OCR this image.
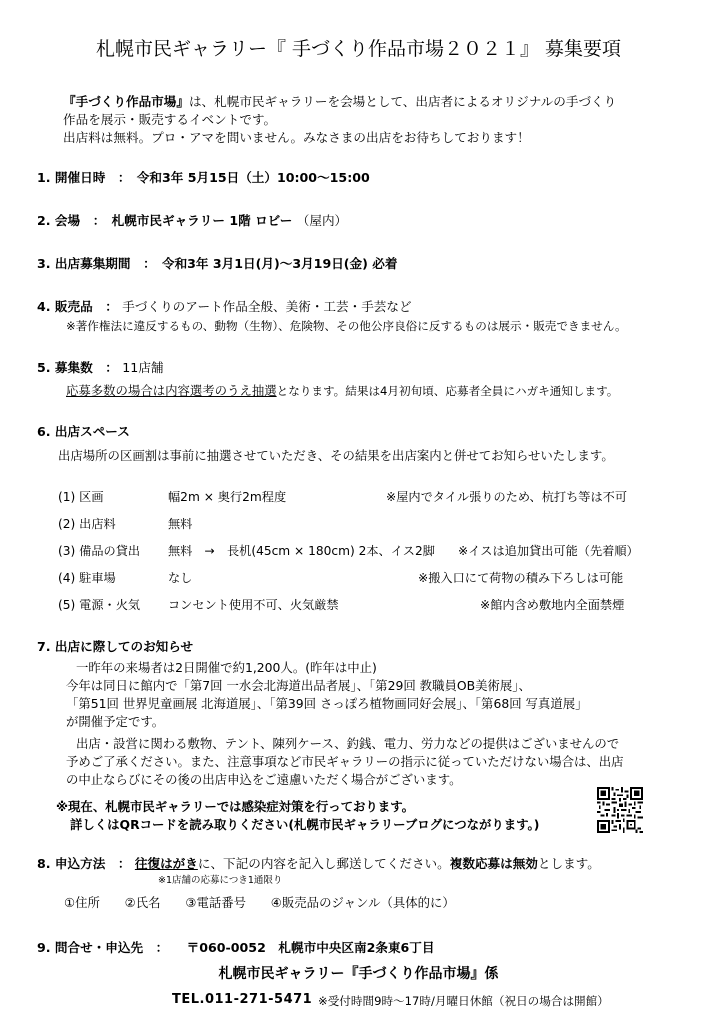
札幌市民ギャラリー『 手づくり作品市場２０２１』 募集要項
『手づくり作品市場』は、札幌市民ギャラリーを会場として、出店者によるオリジナルの手づくり
作品を展示・販売するイベントです。
出店料は無料。プロ・アマを問いません。みなさまの出店をお待ちしております！
1. 開催日時　：　令和3年 5月15日（土）10:00～15:00
2. 会場　：　札幌市民ギャラリー 1階 ロビー （屋内）
3. 出店募集期間　：　令和3年 3月1日(月)～3月19日(金) 必着
4. 販売品　： 手づくりのアート作品全般、美術・工芸・手芸など
※著作権法に違反するもの、動物（生物）、危険物、その他公序良俗に反するものは展示・販売できません。
5. 募集数　： 11店舗
応募多数の場合は内容選考のうえ抽選となります。結果は4月初旬頃、応募者全員にハガキ通知します。
6. 出店スペース
出店場所の区画割は事前に抽選させていただき、その結果を出店案内と併せてお知らせいたします。
(1) 区画	幅2m × 奥行2m程度	※屋内でタイル張りのため、杭打ち等は不可
(2) 出店料	無料
(3) 備品の貸出 無料　→　長机(45cm × 180cm) 2本、イス2脚 ※イスは追加貸出可能（先着順）
(4) 駐車場	なし	※搬入口にて荷物の積み下ろしは可能
(5) 電源・火気 コンセント使用不可、火気厳禁	※館内含め敷地内全面禁煙
7. 出店に際してのお知らせ
一昨年の来場者は2日開催で約1,200人。(昨年は中止)
今年は同日に館内で「第7回 一水会北海道出品者展」、「第29回 教職員OB美術展」、
「第51回 世界児童画展 北海道展」、「第39回 さっぽろ植物画同好会展」、「第68回 写真道展」
が開催予定です。
出店・設営に関わる敷物、テント、陳列ケース、釣銭、電力、労力などの提供はございませんので
予めご了承ください。また、注意事項など市民ギャラリーの指示に従っていただけない場合は、出店
の中止ならびにその後の出店申込をご遠慮いただく場合がございます。
※現在、札幌市民ギャラリーでは感染症対策を行っております。
詳しくはQRコードを読み取りください(札幌市民ギャラリーブログにつながります。)
8. 申込方法　： 往復はがきに、下記の内容を記入し郵送してください。複数応募は無効とします。
※1店舗の応募につき1通限り
①住所　　②氏名　　③電話番号　　④販売品のジャンル（具体的に）
9. 問合せ・申込先　： 〒060-0052　札幌市中央区南2条東6丁目
札幌市民ギャラリー『手づくり作品市場』係
TEL.011-271-5471 ※受付時間9時～17時/月曜日休館（祝日の場合は開館）
